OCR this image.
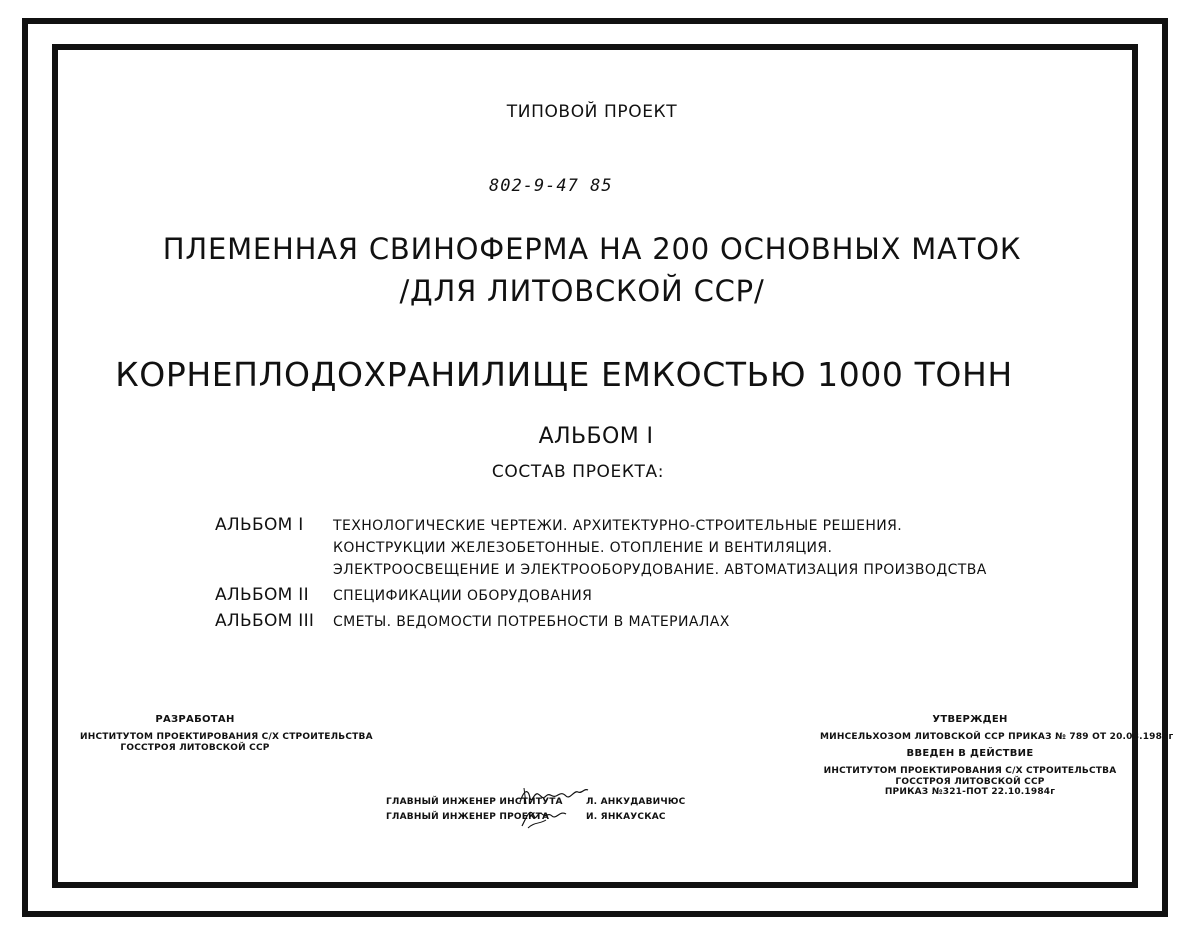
ТИПОВОЙ ПРОЕКТ
802-9-47 85
ПЛЕМЕННАЯ СВИНОФЕРМА НА 200 ОСНОВНЫХ МАТОК
/ДЛЯ ЛИТОВСКОЙ ССР/
КОРНЕПЛОДОХРАНИЛИЩЕ ЕМКОСТЬЮ 1000 ТОНН
АЛЬБОМ I
СОСТАВ ПРОЕКТА:
АЛЬБОМ I ТЕХНОЛОГИЧЕСКИЕ ЧЕРТЕЖИ. АРХИТЕКТУРНО-СТРОИТЕЛЬНЫЕ РЕШЕНИЯ.
КОНСТРУКЦИИ ЖЕЛЕЗОБЕТОННЫЕ. ОТОПЛЕНИЕ И ВЕНТИЛЯЦИЯ.
ЭЛЕКТРООСВЕЩЕНИЕ И ЭЛЕКТРООБОРУДОВАНИЕ. АВТОМАТИЗАЦИЯ ПРОИЗВОДСТВА
АЛЬБОМ II СПЕЦИФИКАЦИИ ОБОРУДОВАНИЯ
АЛЬБОМ III СМЕТЫ. ВЕДОМОСТИ ПОТРЕБНОСТИ В МАТЕРИАЛАХ
РАЗРАБОТАН
ИНСТИТУТОМ ПРОЕКТИРОВАНИЯ С/Х СТРОИТЕЛЬСТВА
ГОССТРОЯ ЛИТОВСКОЙ ССР
УТВЕРЖДЕН
МИНСЕЛЬХОЗОМ ЛИТОВСКОЙ ССР ПРИКАЗ № 789 ОТ 20.08.1984г
ВВЕДЕН В ДЕЙСТВИЕ
ИНСТИТУТОМ ПРОЕКТИРОВАНИЯ С/Х СТРОИТЕЛЬСТВА
ГОССТРОЯ ЛИТОВСКОЙ ССР
ПРИКАЗ №321-ПОТ 22.10.1984г
ГЛАВНЫЙ ИНЖЕНЕР ИНСТИТУТА	Л. АНКУДАВИЧЮС
ГЛАВНЫЙ ИНЖЕНЕР ПРОЕКТА	И. ЯНКАУСКАС
